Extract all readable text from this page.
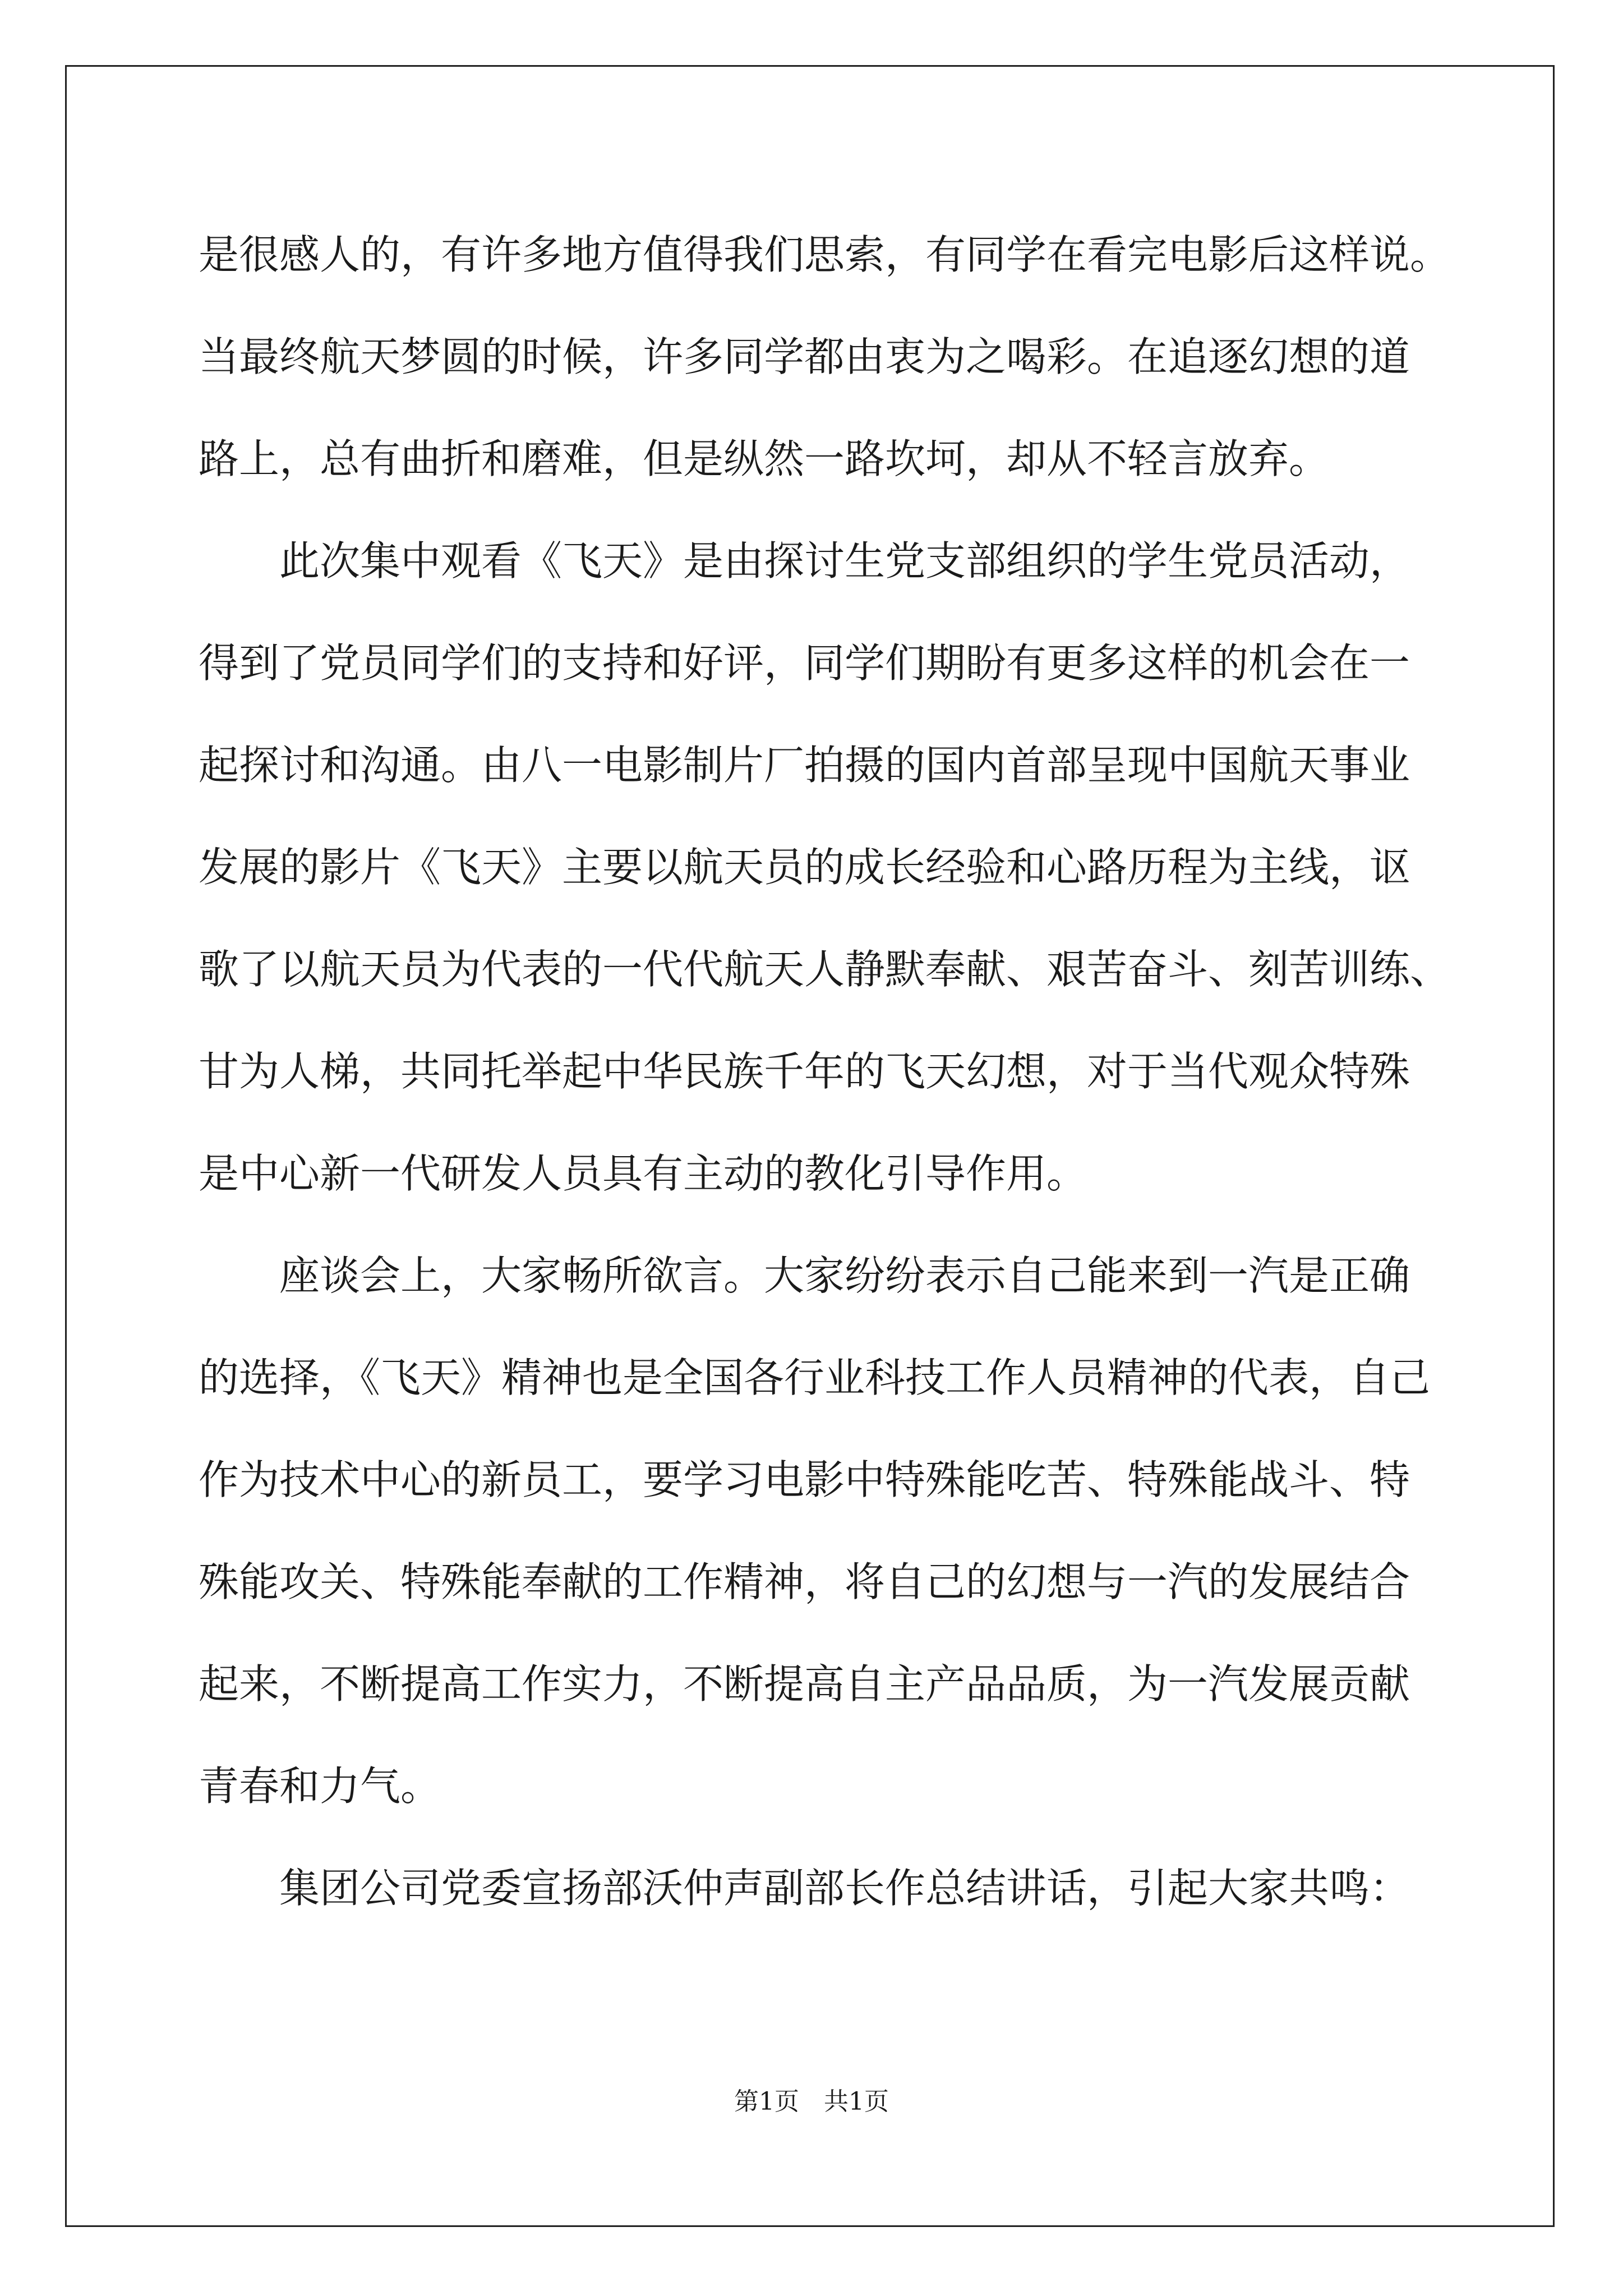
是很感人的，有许多地方值得我们思索，有同学在看完电影后这样说。
当最终航天梦圆的时候，许多同学都由衷为之喝彩。在追逐幻想的道
路上，总有曲折和磨难，但是纵然一路坎坷，却从不轻言放弃。
此次集中观看《飞天》是由探讨生党支部组织的学生党员活动，
得到了党员同学们的支持和好评，同学们期盼有更多这样的机会在一
起探讨和沟通。由八一电影制片厂拍摄的国内首部呈现中国航天事业
发展的影片《飞天》主要以航天员的成长经验和心路历程为主线，讴
歌了以航天员为代表的一代代航天人静默奉献、艰苦奋斗、刻苦训练、
甘为人梯，共同托举起中华民族千年的飞天幻想，对于当代观众特殊
是中心新一代研发人员具有主动的教化引导作用。
座谈会上，大家畅所欲言。大家纷纷表示自己能来到一汽是正确
的选择，《飞天》精神也是全国各行业科技工作人员精神的代表，自己
作为技术中心的新员工，要学习电影中特殊能吃苦、特殊能战斗、特
殊能攻关、特殊能奉献的工作精神，将自己的幻想与一汽的发展结合
起来，不断提高工作实力，不断提高自主产品品质，为一汽发展贡献
青春和力气。
集团公司党委宣扬部沃仲声副部长作总结讲话，引起大家共鸣：
第1页　共1页
